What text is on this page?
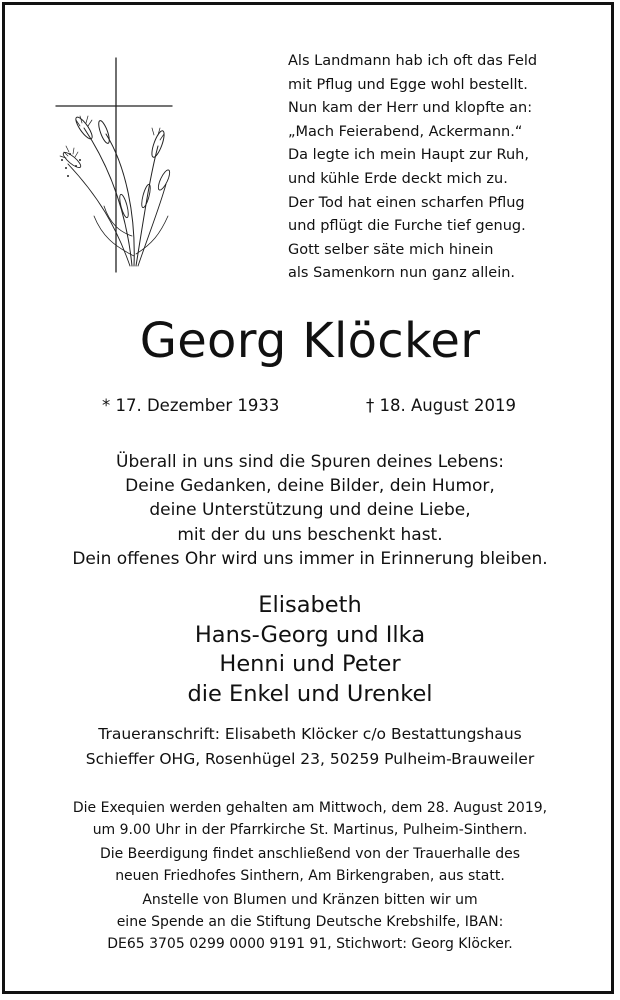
Als Landmann hab ich oft das Feld
mit Pflug und Egge wohl bestellt.
Nun kam der Herr und klopfte an:
„Mach Feierabend, Ackermann.“
Da legte ich mein Haupt zur Ruh,
und kühle Erde deckt mich zu.
Der Tod hat einen scharfen Pflug
und pflügt die Furche tief genug.
Gott selber säte mich hinein
als Samenkorn nun ganz allein.
Georg Klöcker
* 17. Dezember 1933	† 18. August 2019
Überall in uns sind die Spuren deines Lebens:
Deine Gedanken, deine Bilder, dein Humor,
deine Unterstützung und deine Liebe,
mit der du uns beschenkt hast.
Dein offenes Ohr wird uns immer in Erinnerung bleiben.
Elisabeth
Hans-Georg und Ilka
Henni und Peter
die Enkel und Urenkel
Traueranschrift: Elisabeth Klöcker c/o Bestattungshaus
Schieffer OHG, Rosenhügel 23, 50259 Pulheim-Brauweiler
Die Exequien werden gehalten am Mittwoch, dem 28. August 2019,
um 9.00 Uhr in der Pfarrkirche St. Martinus, Pulheim-Sinthern.
Die Beerdigung findet anschließend von der Trauerhalle des
neuen Friedhofes Sinthern, Am Birkengraben, aus statt.
Anstelle von Blumen und Kränzen bitten wir um
eine Spende an die Stiftung Deutsche Krebshilfe, IBAN:
DE65 3705 0299 0000 9191 91, Stichwort: Georg Klöcker.
